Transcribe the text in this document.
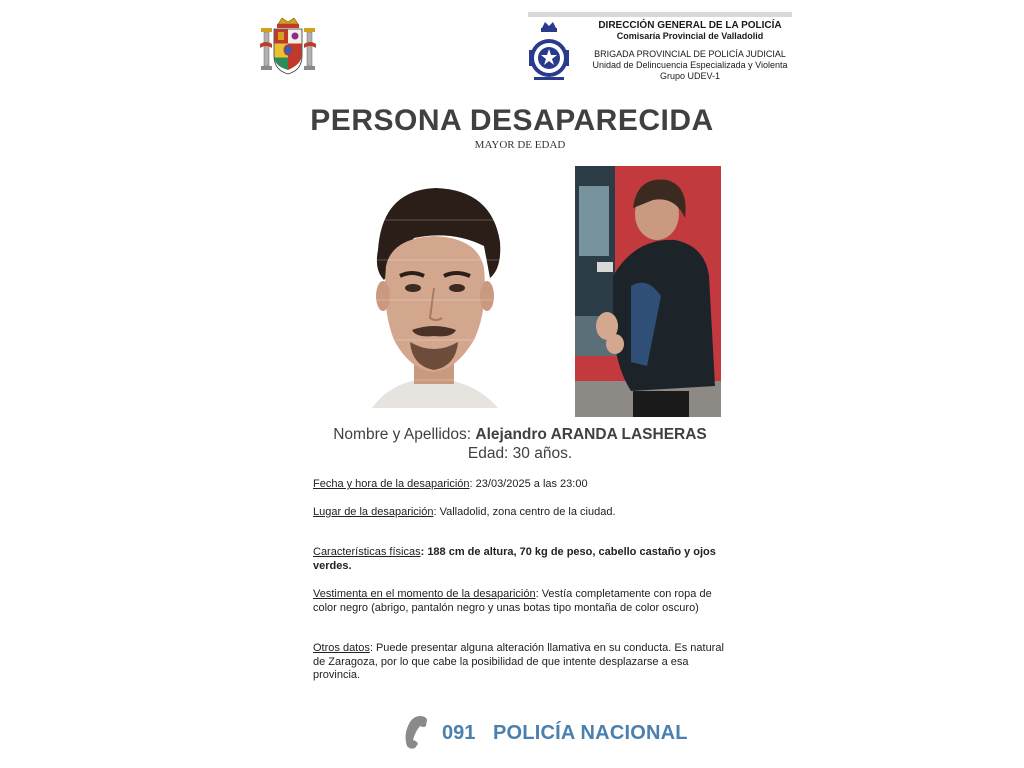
DIRECCIÓN GENERAL DE LA POLICÍA
Comisaría Provincial de Valladolid
BRIGADA PROVINCIAL DE POLICÍA JUDICIAL
Unidad de Delincuencia Especializada y Violenta
Grupo UDEV-1
PERSONA DESAPARECIDA
MAYOR DE EDAD
Nombre y Apellidos: Alejandro ARANDA LASHERAS
Edad: 30 años.
Fecha y hora de la desaparición: 23/03/2025 a las 23:00
Lugar de la desaparición: Valladolid, zona centro de la ciudad.
Características físicas: 188 cm de altura, 70 kg de peso, cabello castaño y ojos verdes.
Vestimenta en el momento de la desaparición: Vestía completamente con ropa de color negro (abrigo, pantalón negro y unas botas tipo montaña de color oscuro)
Otros datos: Puede presentar alguna alteración llamativa en su conducta. Es natural de Zaragoza, por lo que cabe la posibilidad de que intente desplazarse a esa provincia.
091 POLICÍA NACIONAL
